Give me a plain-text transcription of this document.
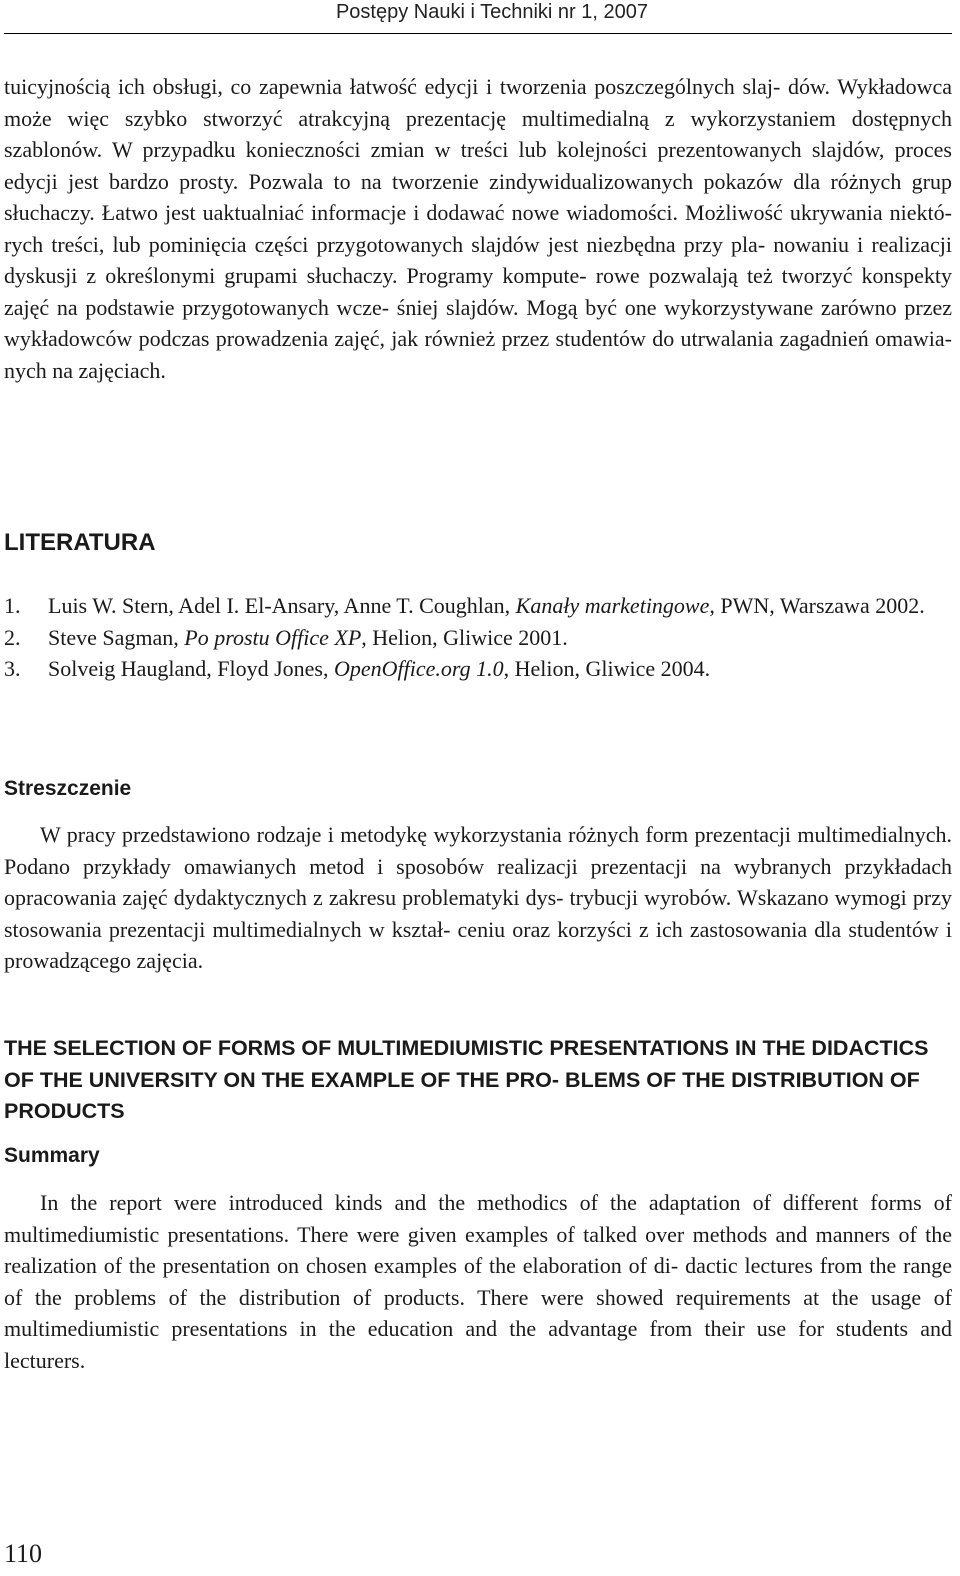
Postępy Nauki i Techniki nr 1, 2007

tuicyjnością ich obsługi, co zapewnia łatwość edycji i tworzenia poszczególnych slaj- dów. Wykładowca może więc szybko stworzyć atrakcyjną prezentację multimedialną z wykorzystaniem dostępnych szablonów. W przypadku konieczności zmian w treści lub kolejności prezentowanych slajdów, proces edycji jest bardzo prosty. Pozwala to na tworzenie zindywidualizowanych pokazów dla różnych grup słuchaczy. Łatwo jest uaktualniać informacje i dodawać nowe wiadomości. Możliwość ukrywania niektó- rych treści, lub pominięcia części przygotowanych slajdów jest niezbędna przy pla- nowaniu i realizacji dyskusji z określonymi grupami słuchaczy. Programy kompute- rowe pozwalają też tworzyć konspekty zajęć na podstawie przygotowanych wcze- śniej slajdów. Mogą być one wykorzystywane zarówno przez wykładowców podczas prowadzenia zajęć, jak również przez studentów do utrwalania zagadnień omawia- nych na zajęciach.

LITERATURA
1. Luis W. Stern, Adel I. El-Ansary, Anne T. Coughlan, Kanały marketingowe, PWN, Warszawa 2002.
2. Steve Sagman, Po prostu Office XP, Helion, Gliwice 2001.
3. Solveig Haugland, Floyd Jones, OpenOffice.org 1.0, Helion, Gliwice 2004.
Streszczenie

W pracy przedstawiono rodzaje i metodykę wykorzystania różnych form prezentacji multimedialnych. Podano przykłady omawianych metod i sposobów realizacji prezentacji na wybranych przykładach opracowania zajęć dydaktycznych z zakresu problematyki dys- trybucji wyrobów. Wskazano wymogi przy stosowania prezentacji multimedialnych w kształ- ceniu oraz korzyści z ich zastosowania dla studentów i prowadzącego zajęcia.

THE SELECTION OF FORMS OF MULTIMEDIUMISTIC PRESENTATIONS IN THE DIDACTICS OF THE UNIVERSITY ON THE EXAMPLE OF THE PRO- BLEMS OF THE DISTRIBUTION OF PRODUCTS
Summary

In the report were introduced kinds and the methodics of the adaptation of different forms of multimediumistic presentations. There were given examples of talked over methods and manners of the realization of the presentation on chosen examples of the elaboration of di- dactic lectures from the range of the problems of the distribution of products. There were showed requirements at the usage of multimediumistic presentations in the education and the advantage from their use for students and lecturers.

110
